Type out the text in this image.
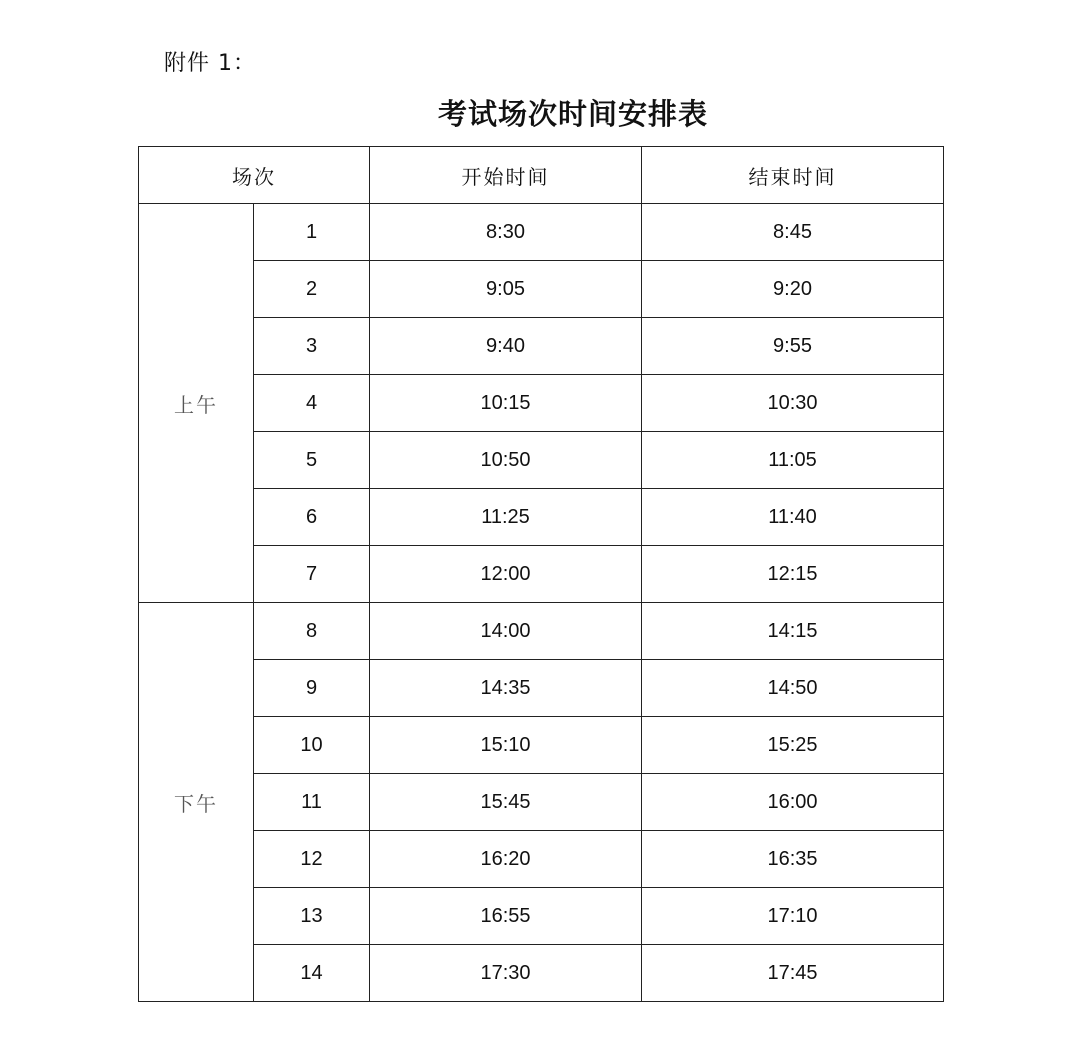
附件 1：
考试场次时间安排表
场次		开始时间	结束时间
上午	1	8:30	8:45
	2	9:05	9:20
	3	9:40	9:55
	4	10:15	10:30
	5	10:50	11:05
	6	11:25	11:40
	7	12:00	12:15
下午	8	14:00	14:15
	9	14:35	14:50
	10	15:10	15:25
	11	15:45	16:00
	12	16:20	16:35
	13	16:55	17:10
	14	17:30	17:45
